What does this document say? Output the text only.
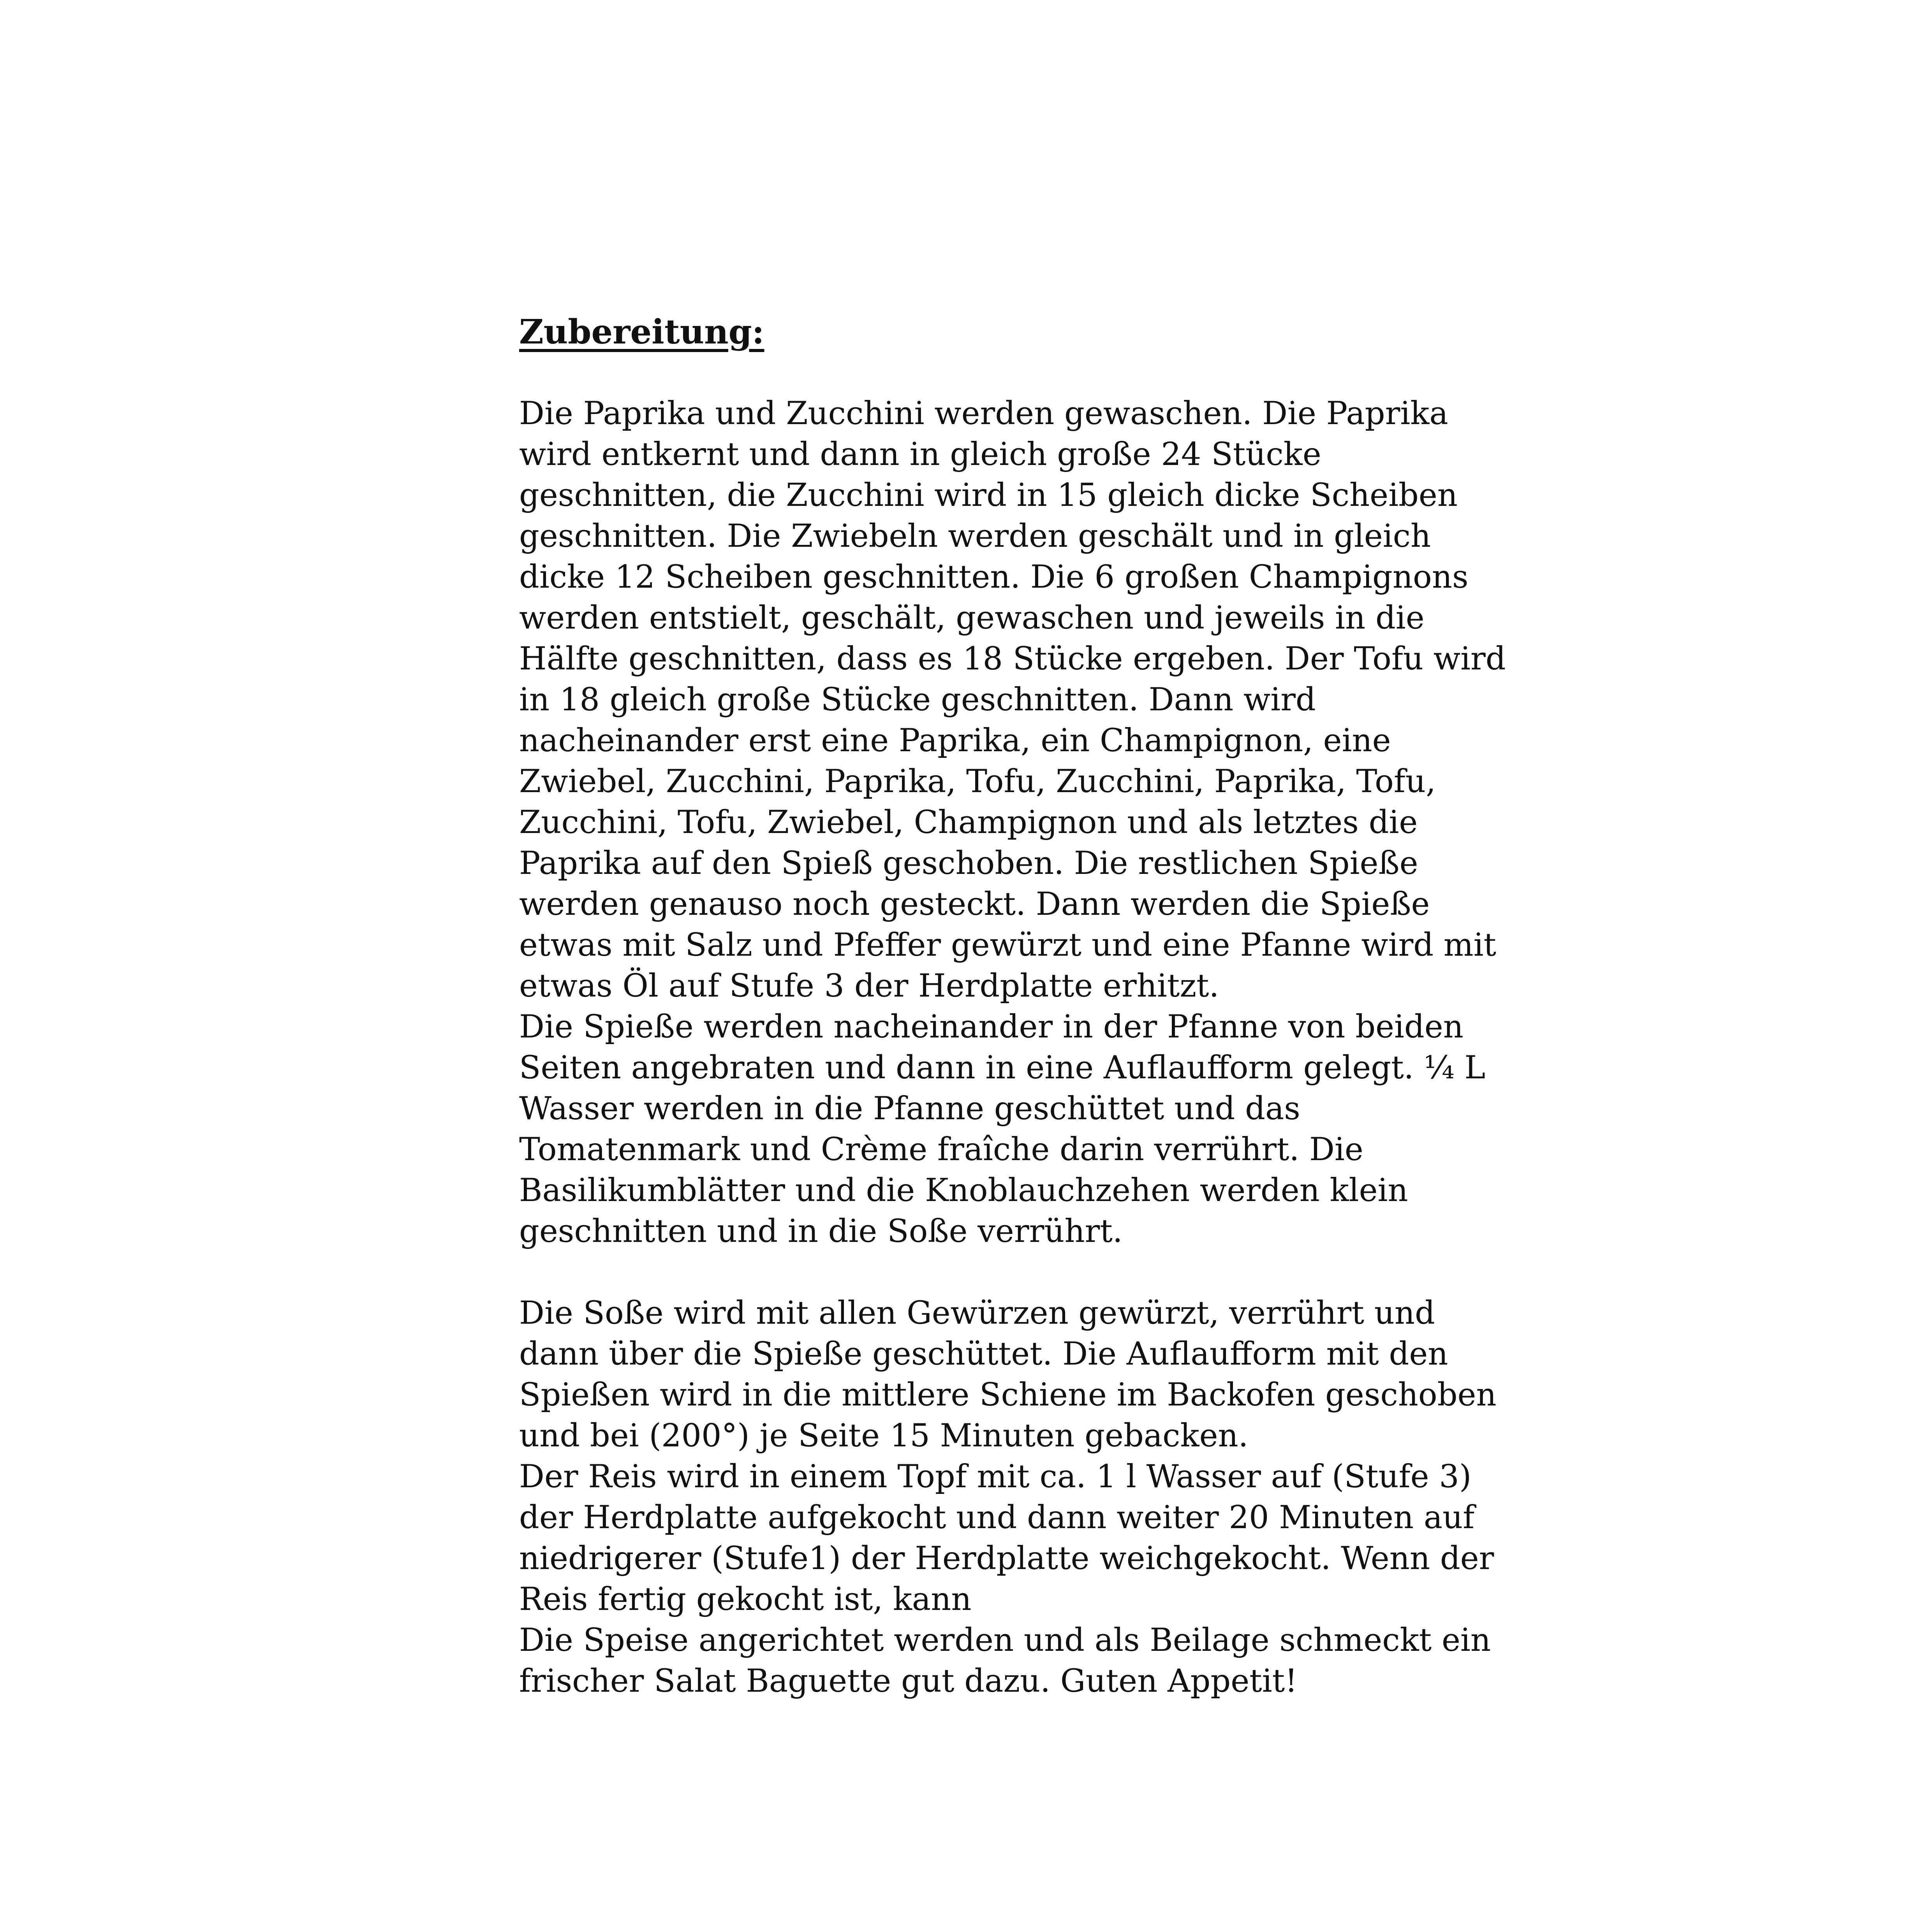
Zubereitung:

Die Paprika und Zucchini werden gewaschen. Die Paprika
wird entkernt und dann in gleich große 24 Stücke
geschnitten, die Zucchini wird in 15 gleich dicke Scheiben
geschnitten. Die Zwiebeln werden geschält und in gleich
dicke 12 Scheiben geschnitten. Die 6 großen Champignons
werden entstielt, geschält, gewaschen und jeweils in die
Hälfte geschnitten, dass es 18 Stücke ergeben. Der Tofu wird
in 18 gleich große Stücke geschnitten. Dann wird
nacheinander erst eine Paprika, ein Champignon, eine
Zwiebel, Zucchini, Paprika, Tofu, Zucchini, Paprika, Tofu,
Zucchini, Tofu, Zwiebel, Champignon und als letztes die
Paprika auf den Spieß geschoben. Die restlichen Spieße
werden genauso noch gesteckt. Dann werden die Spieße
etwas mit Salz und Pfeffer gewürzt und eine Pfanne wird mit
etwas Öl auf Stufe 3 der Herdplatte erhitzt.
Die Spieße werden nacheinander in der Pfanne von beiden
Seiten angebraten und dann in eine Auflaufform gelegt. ¼ L
Wasser werden in die Pfanne geschüttet und das
Tomatenmark und Crème fraîche darin verrührt. Die
Basilikumblätter und die Knoblauchzehen werden klein
geschnitten und in die Soße verrührt.

Die Soße wird mit allen Gewürzen gewürzt, verrührt und
dann über die Spieße geschüttet. Die Auflaufform mit den
Spießen wird in die mittlere Schiene im Backofen geschoben
und bei (200°) je Seite 15 Minuten gebacken.
Der Reis wird in einem Topf mit ca. 1 l Wasser auf (Stufe 3)
der Herdplatte aufgekocht und dann weiter 20 Minuten auf
niedrigerer (Stufe1) der Herdplatte weichgekocht. Wenn der
Reis fertig gekocht ist, kann
Die Speise angerichtet werden und als Beilage schmeckt ein
frischer Salat Baguette gut dazu. Guten Appetit!
